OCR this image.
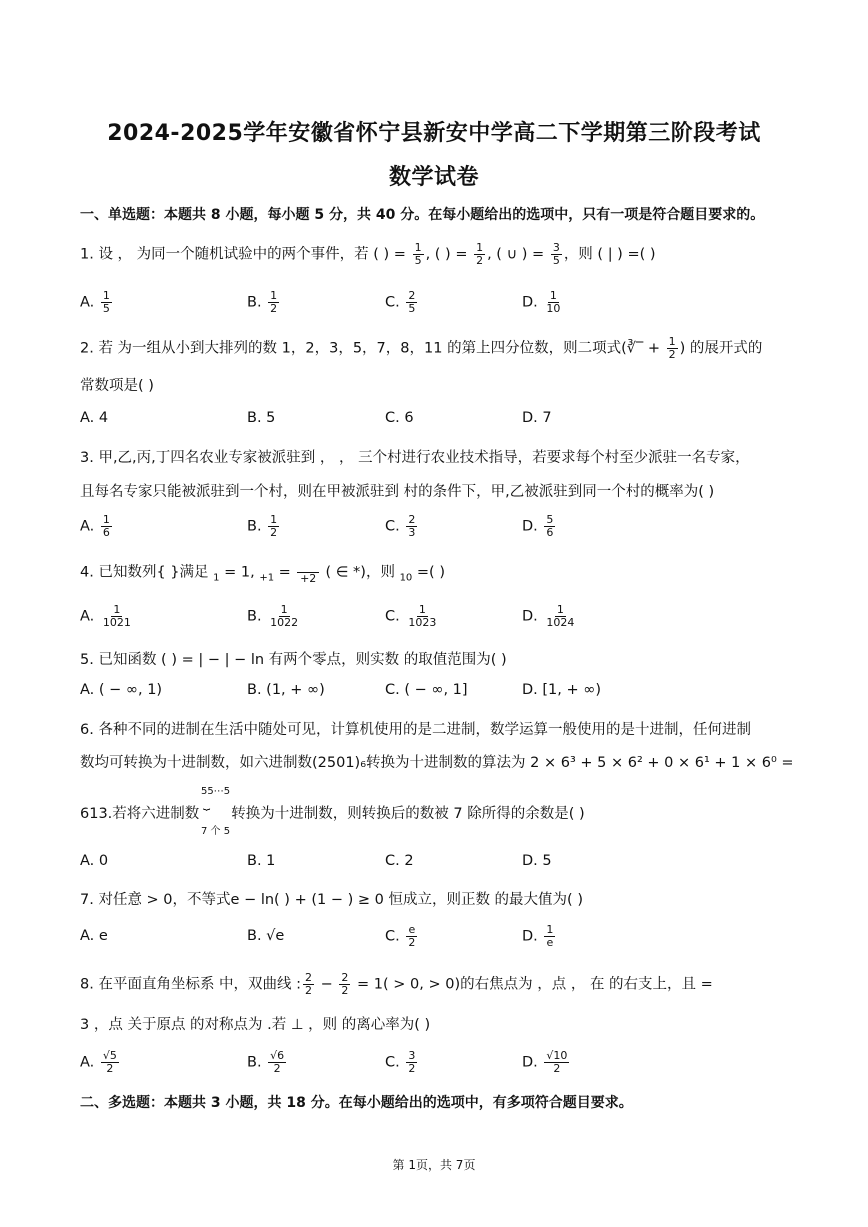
2024-2025学年安徽省怀宁县新安中学高二下学期第三阶段考试
数学试卷
一、单选题：本题共 8 小题，每小题 5 分，共 40 分。在每小题给出的选项中，只有一项是符合题目要求的。
1. 设 ， 为同一个随机试验中的两个事件，若 ( ) = $\frac{1}{5}$ , ( ) = $\frac{1}{2}$ , ( ∪ ) = $\frac{3}{5}$ ，则 ( | ) =( )
A. $\frac{1}{5}$	B. $\frac{1}{2}$	C. $\frac{2}{5}$	D. $\frac{1}{10}$
2. 若 为一组从小到大排列的数 1，2，3，5，7，8，11 的第上四分位数，则二项式(∛‾ + $\frac{1}{2}$ ) 的展开式的
常数项是( )
A. 4	B. 5	C. 6	D. 7
3. 甲,乙,丙,丁四名农业专家被派驻到 ， ， 三个村进行农业技术指导，若要求每个村至少派驻一名专家，
且每名专家只能被派驻到一个村，则在甲被派驻到 村的条件下，甲,乙被派驻到同一个村的概率为( )
A. $\frac{1}{6}$	B. $\frac{1}{2}$	C. $\frac{2}{3}$	D. $\frac{5}{6}$
4. 已知数列{ }满足 $_1$ = 1, $_{+1}$ =
+2 ( ∈ *)，则 $_{10}$ =( )
A. $\frac{1}{1021}$	B. $\frac{1}{1022}$	C. $\frac{1}{1023}$	D. $\frac{1}{1024}$
5. 已知函数 ( ) = | − | − ln 有两个零点，则实数 的取值范围为( )
A. ( − ∞, 1)	B. (1, + ∞)	C. ( − ∞, 1]	D. [1, + ∞)
6. 各种不同的进制在生活中随处可见，计算机使用的是二进制，数学运算一般使用的是十进制，任何进制
数均可转换为十进制数，如六进制数(2501)₆转换为十进制数的算法为 2 × 6³ + 5 × 6² + 0 × 6¹ + 1 × 6⁰ =
55⋯5
⏟
7 个 5
613.若将六进制数 转换为十进制数，则转换后的数被 7 除所得的余数是( )
A. 0	B. 1	C. 2	D. 5
7. 对任意 > 0，不等式e − ln( ) + (1 − ) ≥ 0 恒成立，则正数 的最大值为( )
A. e	B. √e	C. $\frac{e}{2}$	D. $\frac{1}{e}$
8. 在平面直角坐标系 中，双曲线 : $\frac{2}{2} - \frac{2}{2} = 1( > 0$, > 0)的右焦点为 ，点 ， 在 的右支上，且 =
3 ，点 关于原点 的对称点为 .若 ⊥ ，则 的离心率为( )
A. $\frac{√5}{2}$	B. $\frac{√6}{2}$	C. $\frac{3}{2}$	D. $\frac{√10}{2}$
二、多选题：本题共 3 小题，共 18 分。在每小题给出的选项中，有多项符合题目要求。
第 1页，共 7页
